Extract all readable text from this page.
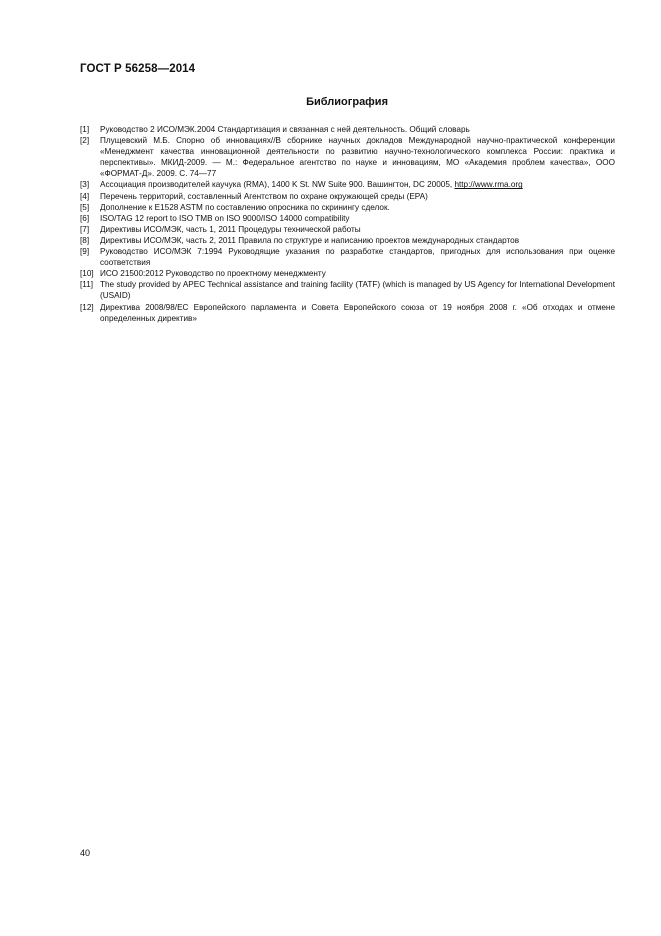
ГОСТ Р 56258—2014
Библиография
[1]	Руководство 2 ИСО/МЭК.2004 Стандартизация и связанная с ней деятельность. Общий словарь
[2]	Плущевский М.Б. Спорно об инновациях//В сборнике научных докладов Международной научно-практической конференции «Менеджмент качества инновационной деятельности по развитию научно-технологического комплекса России: практика и перспективы». МКИД-2009. — М.: Федеральное агентство по науке и инновациям, МО «Академия проблем качества», ООО «ФОРМАТ-Д». 2009. С. 74—77
[3]	Ассоциация производителей каучука (RMA), 1400 K St. NW Suite 900. Вашингтон, DC 20005, http://www.rma.org
[4]	Перечень территорий, составленный Агентством по охране окружающей среды (EPA)
[5]	Дополнение к E1528 ASTM по составлению опросника по скринингу сделок.
[6]	ISO/TAG 12 report to ISO TMB on ISO 9000/ISO 14000 compatibility
[7]	Директивы ИСО/МЭК, часть 1, 2011 Процедуры технической работы
[8]	Директивы ИСО/МЭК, часть 2, 2011 Правила по структуре и написанию проектов международных стандартов
[9]	Руководство ИСО/МЭК 7:1994 Руководящие указания по разработке стандартов, пригодных для использования при оценке соответствия
[10] ИСО 21500:2012 Руководство по проектному менеджменту
[11] The study provided by APEC Technical assistance and training facility (TATF) (which is managed by US Agency for International Development (USAID)
[12] Директива 2008/98/ЕС Европейского парламента и Совета Европейского союза от 19 ноября 2008 г. «Об отходах и отмене определенных директив»
40
